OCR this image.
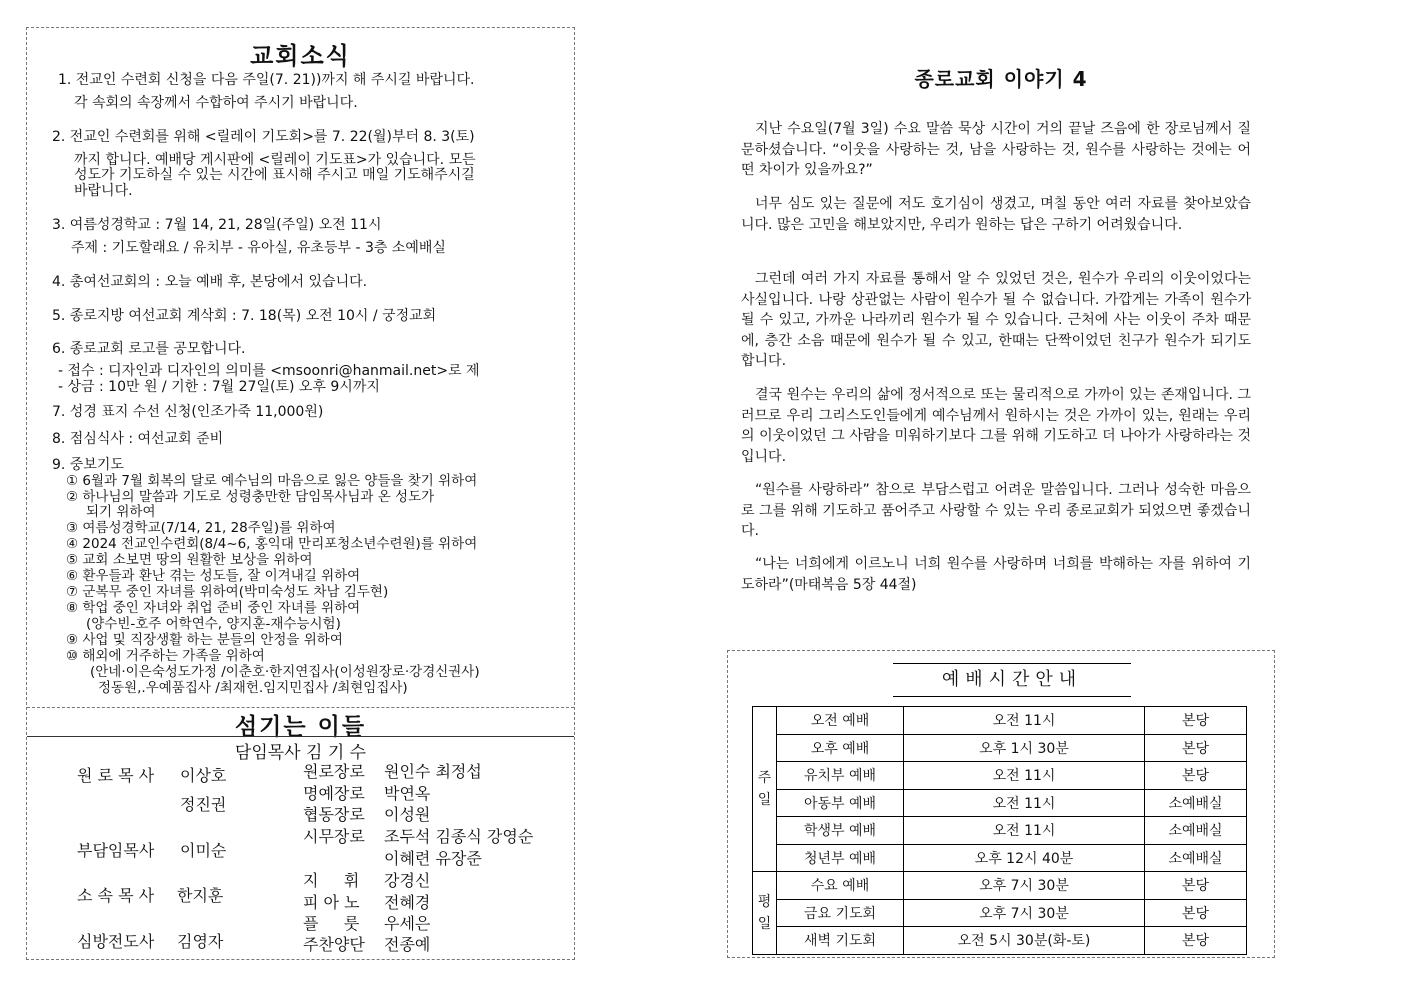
교회소식
1. 전교인 수련회 신청을 다음 주일(7. 21))까지 해 주시길 바랍니다.
각 속회의 속장께서 수합하여 주시기 바랍니다.
2. 전교인 수련회를 위해 <릴레이 기도회>를 7. 22(월)부터 8. 3(토)
까지 합니다. 예배당 게시판에 <릴레이 기도표>가 있습니다. 모든
성도가 기도하실 수 있는 시간에 표시해 주시고 매일 기도해주시길
바랍니다.
3. 여름성경학교 : 7월 14, 21, 28일(주일) 오전 11시
주제 : 기도할래요 / 유치부 - 유아실, 유초등부 - 3층 소예배실
4. 총여선교회의 : 오늘 예배 후, 본당에서 있습니다.
5. 종로지방 여선교회 계삭회 : 7. 18(목) 오전 10시 / 궁정교회
6. 종로교회 로고를 공모합니다.
- 접수 : 디자인과 디자인의 의미를 <msoonri@hanmail.net>로 제
- 상금 : 10만 원 / 기한 : 7월 27일(토) 오후 9시까지
7. 성경 표지 수선 신청(인조가죽 11,000원)
8. 점심식사 : 여선교회 준비
9. 중보기도
① 6월과 7월 회복의 달로 예수님의 마음으로 잃은 양들을 찾기 위하여
② 하나님의 말씀과 기도로 성령충만한 담임목사님과 온 성도가
되기 위하여
③ 여름성경학교(7/14, 21, 28주일)를 위하여
④ 2024 전교인수련회(8/4~6, 홍익대 만리포청소년수련원)를 위하여
⑤ 교회 소보면 땅의 원활한 보상을 위하여
⑥ 환우들과 환난 겪는 성도들, 잘 이겨내길 위하여
⑦ 군복무 중인 자녀를 위하여(박미숙성도 차남 김두현)
⑧ 학업 중인 자녀와 취업 준비 중인 자녀를 위하여
(양수빈-호주 어학연수, 양지훈-재수능시험)
⑨ 사업 및 직장생활 하는 분들의 안정을 위하여
⑩ 해외에 거주하는 가족을 위하여
(안네·이은숙성도가정 /이춘호·한지연집사(이성원장로·강경신권사)
정동원,.우예품집사 /최재헌.임지민집사 /최현임집사)
섬기는 이들
담임목사 김 기 수
원 로 목 사 이상호
정진권
부담임목사 이미순
소 속 목 사 한지훈
심방전도사 김영자
원로장로 원인수 최정섭
명예장로 박연옥
협동장로 이성원
시무장로 조두석 김종식 강영순
이혜련 유장준
지     휘 강경신
피 아 노 전혜경
플     룻 우세은
주찬양단 전종예
종로교회 이야기 4

지난 수요일(7월 3일) 수요 말씀 묵상 시간이 거의 끝날 즈음에 한 장로님께서 질문하셨습니다. “이웃을 사랑하는 것, 남을 사랑하는 것, 원수를 사랑하는 것에는 어떤 차이가 있을까요?”

너무 심도 있는 질문에 저도 호기심이 생겼고, 며칠 동안 여러 자료를 찾아보았습니다. 많은 고민을 해보았지만, 우리가 원하는 답은 구하기 어려웠습니다.

그런데 여러 가지 자료를 통해서 알 수 있었던 것은, 원수가 우리의 이웃이었다는 사실입니다. 나랑 상관없는 사람이 원수가 될 수 없습니다. 가깝게는 가족이 원수가 될 수 있고, 가까운 나라끼리 원수가 될 수 있습니다. 근처에 사는 이웃이 주차 때문에, 층간 소음 때문에 원수가 될 수 있고, 한때는 단짝이었던 친구가 원수가 되기도 합니다.

결국 원수는 우리의 삶에 정서적으로 또는 물리적으로 가까이 있는 존재입니다. 그러므로 우리 그리스도인들에게 예수님께서 원하시는 것은 가까이 있는, 원래는 우리의 이웃이었던 그 사람을 미워하기보다 그를 위해 기도하고 더 나아가 사랑하라는 것입니다.

“원수를 사랑하라” 참으로 부담스럽고 어려운 말씀입니다. 그러나 성숙한 마음으로 그를 위해 기도하고 품어주고 사랑할 수 있는 우리 종로교회가 되었으면 좋겠습니다.

“나는 너희에게 이르노니 너희 원수를 사랑하며 너희를 박해하는 자를 위하여 기도하라”(마태복음 5장 44절)

예배시간안내
주
일	오전 예배	오전 11시	본당
	오후 예배	오후 1시 30분	본당
	유치부 예배	오전 11시	본당
	아동부 예배	오전 11시	소예배실
	학생부 예배	오전 11시	소예배실
	청년부 예배	오후 12시 40분	소예배실
평
일	수요 예배	오후 7시 30분	본당
	금요 기도회	오후 7시 30분	본당
	새벽 기도회	오전 5시 30분(화-토)	본당
